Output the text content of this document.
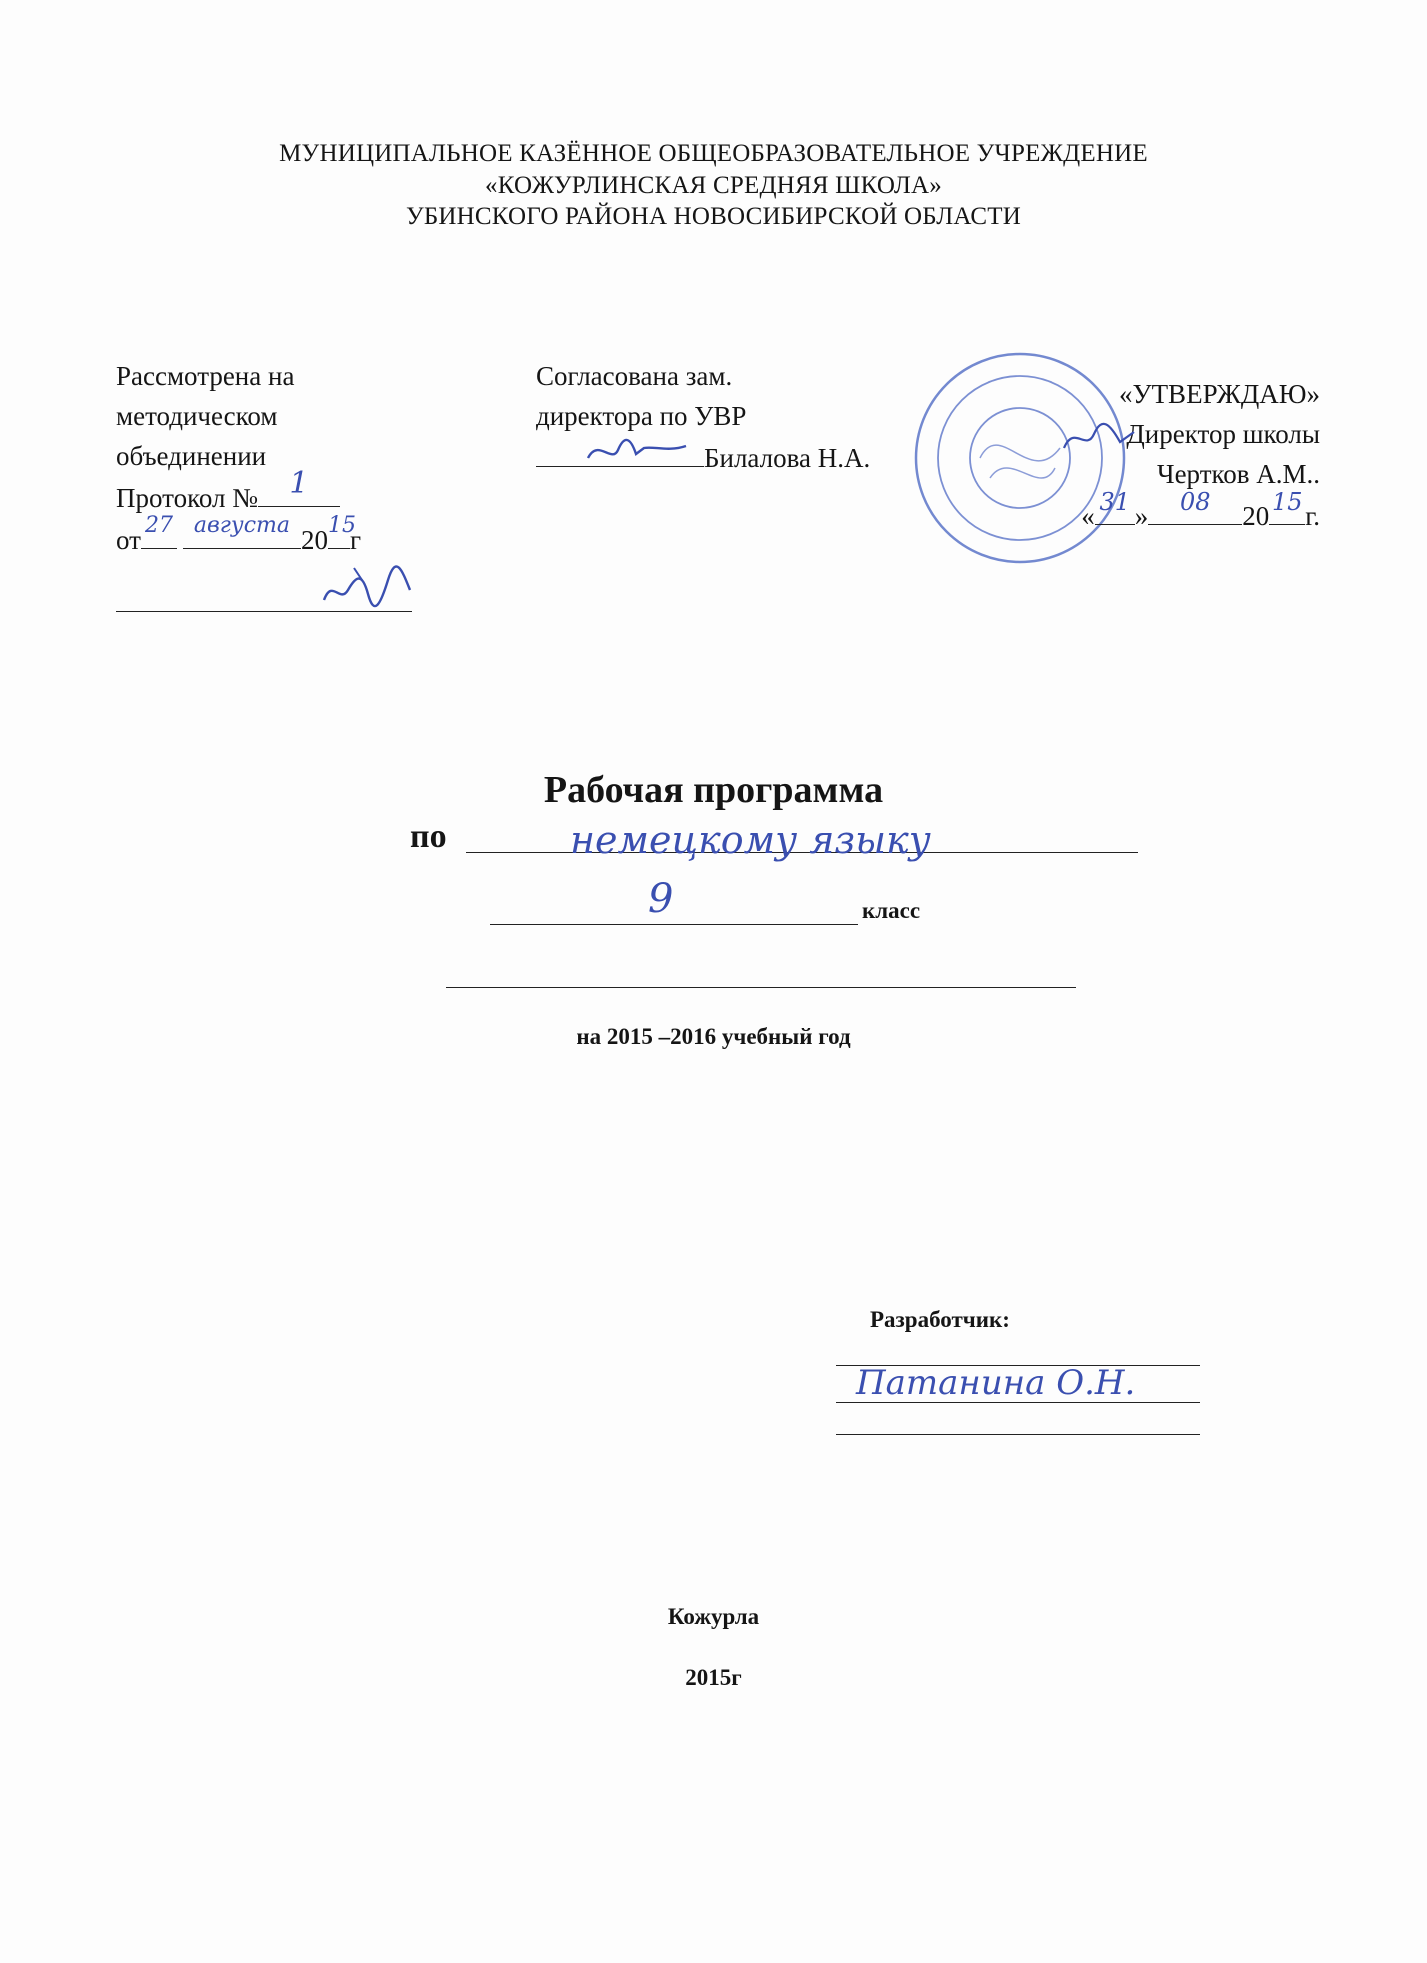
МУНИЦИПАЛЬНОЕ КАЗЁННОЕ ОБЩЕОБРАЗОВАТЕЛЬНОЕ УЧРЕЖДЕНИЕ
«КОЖУРЛИНСКАЯ СРЕДНЯЯ ШКОЛА»
УБИНСКОГО РАЙОНА НОВОСИБИРСКОЙ ОБЛАСТИ
Рассмотрена на
методическом
объединении
Протокол №	1
от 27 августа 20 15
г
Согласована зам.
директора по УВР
Билалова Н.А.
«УТВЕРЖДАЮ»
Директор школы
Чертков А.М..
« 31 »	08	20 15 г.
Рабочая программа
по	немецкому языку
9	класс
на 2015 –2016 учебный год
Разработчик:
Патанина О.Н.
Кожурла
2015г
